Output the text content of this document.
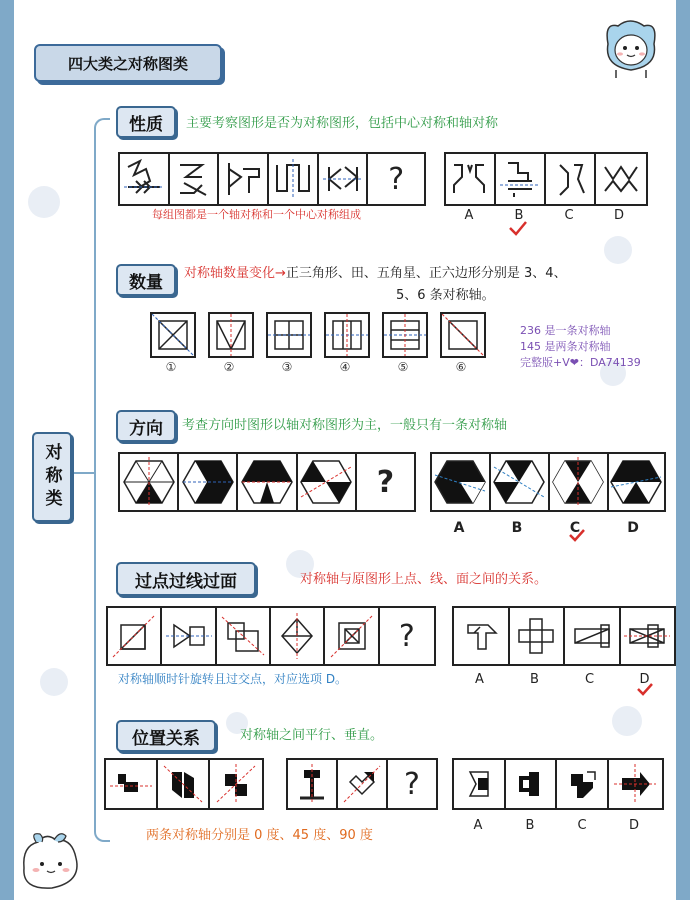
四大类之对称图类
对称类
性质	主要考察图形是否为对称图形，包括中心对称和轴对称
?
每组图都是一个轴对称和一个中心对称组成	A	B	C	D
数量	对称轴数量变化→正三角形、田、五角星、正六边形分别是 3、4、
5、6 条对称轴。
①	②	③	④	⑤	⑥
236 是一条对称轴
145 是两条对称轴
完整版+V❤：DA74139
方向	考查方向时图形以轴对称图形为主，一般只有一条对称轴
?
A	B	C	D
过点过线过面	对称轴与原图形上点、线、面之间的关系。
?
对称轴顺时针旋转且过交点，对应选项 D。	A	B	C	D
位置关系	对称轴之间平行、垂直。
?
两条对称轴分别是 0 度、45 度、90 度
A	B	C	D
